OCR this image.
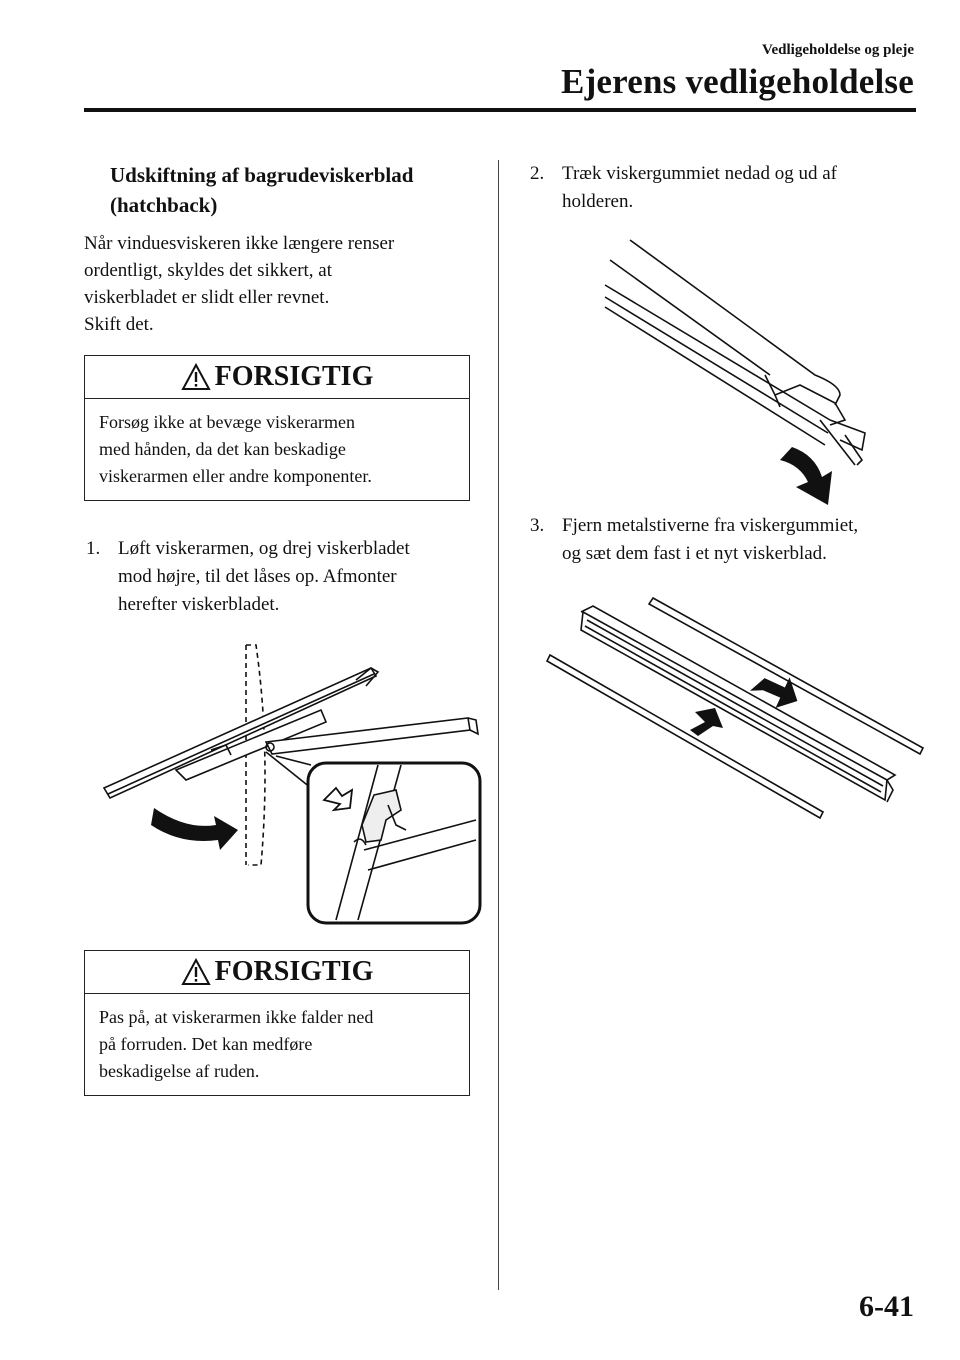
Vedligeholdelse og pleje
Ejerens vedligeholdelse
Udskiftning af bagrudeviskerblad
(hatchback)
Når vinduesviskeren ikke længere renser
ordentligt, skyldes det sikkert, at
viskerbladet er slidt eller revnet.
Skift det.
FORSIGTIG
Forsøg ikke at bevæge viskerarmen
med hånden, da det kan beskadige
viskerarmen eller andre komponenter.
1. Løft viskerarmen, og drej viskerbladet
mod højre, til det låses op. Afmonter
herefter viskerbladet.
FORSIGTIG
Pas på, at viskerarmen ikke falder ned
på forruden. Det kan medføre
beskadigelse af ruden.
2. Træk viskergummiet nedad og ud af
holderen.
3. Fjern metalstiverne fra viskergummiet,
og sæt dem fast i et nyt viskerblad.
6-41
